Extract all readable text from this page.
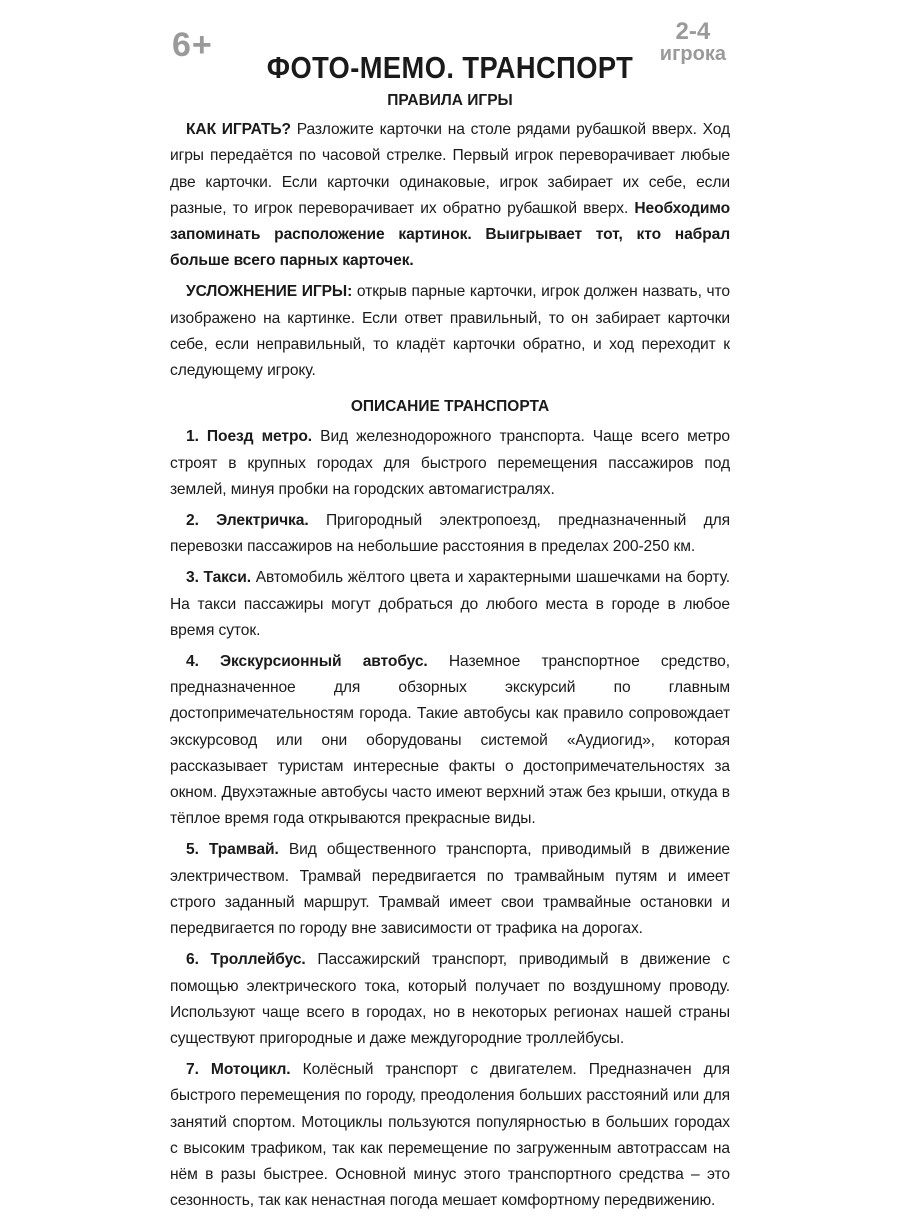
6+	2-4
игрока
ФОТО-МЕМО. ТРАНСПОРТ
ПРАВИЛА ИГРЫ

КАК ИГРАТЬ? Разложите карточки на столе рядами рубашкой вверх. Ход игры передаётся по часовой стрелке. Первый игрок переворачивает любые две карточки. Если карточки одинаковые, игрок забирает их себе, если разные, то игрок переворачивает их обратно рубашкой вверх. Необходимо запоминать расположение картинок. Выигрывает тот, кто набрал больше всего парных карточек.

УСЛОЖНЕНИЕ ИГРЫ: открыв парные карточки, игрок должен назвать, что изображено на картинке. Если ответ правильный, то он забирает карточки себе, если неправильный, то кладёт карточки обратно, и ход переходит к следующему игроку.

ОПИСАНИЕ ТРАНСПОРТА

1. Поезд метро. Вид железнодорожного транспорта. Чаще всего метро строят в крупных городах для быстрого перемещения пассажиров под землей, минуя пробки на городских автомагистралях.

2. Электричка. Пригородный электропоезд, предназначенный для перевозки пассажиров на небольшие расстояния в пределах 200-250 км.

3. Такси. Автомобиль жёлтого цвета и характерными шашечками на борту. На такси пассажиры могут добраться до любого места в городе в любое время суток.

4. Экскурсионный автобус. Наземное транспортное средство, предназначенное для обзорных экскурсий по главным достопримечательностям города. Такие автобусы как правило сопровождает экскурсовод или они оборудованы системой «Аудиогид», которая рассказывает туристам интересные факты о достопримечательностях за окном. Двухэтажные автобусы часто имеют верхний этаж без крыши, откуда в тёплое время года открываются прекрасные виды.

5. Трамвай. Вид общественного транспорта, приводимый в движение электричеством. Трамвай передвигается по трамвайным путям и имеет строго заданный маршрут. Трамвай имеет свои трамвайные остановки и передвигается по городу вне зависимости от трафика на дорогах.

6. Троллейбус. Пассажирский транспорт, приводимый в движение с помощью электрического тока, который получает по воздушному проводу. Используют чаще всего в городах, но в некоторых регионах нашей страны существуют пригородные и даже междугородние троллейбусы.

7. Мотоцикл. Колёсный транспорт с двигателем. Предназначен для быстрого перемещения по городу, преодоления больших расстояний или для занятий спортом. Мотоциклы пользуются популярностью в больших городах с высоким трафиком, так как перемещение по загруженным автотрассам на нём в разы быстрее. Основной минус этого транспортного средства – это сезонность, так как ненастная погода мешает комфортному передвижению.
